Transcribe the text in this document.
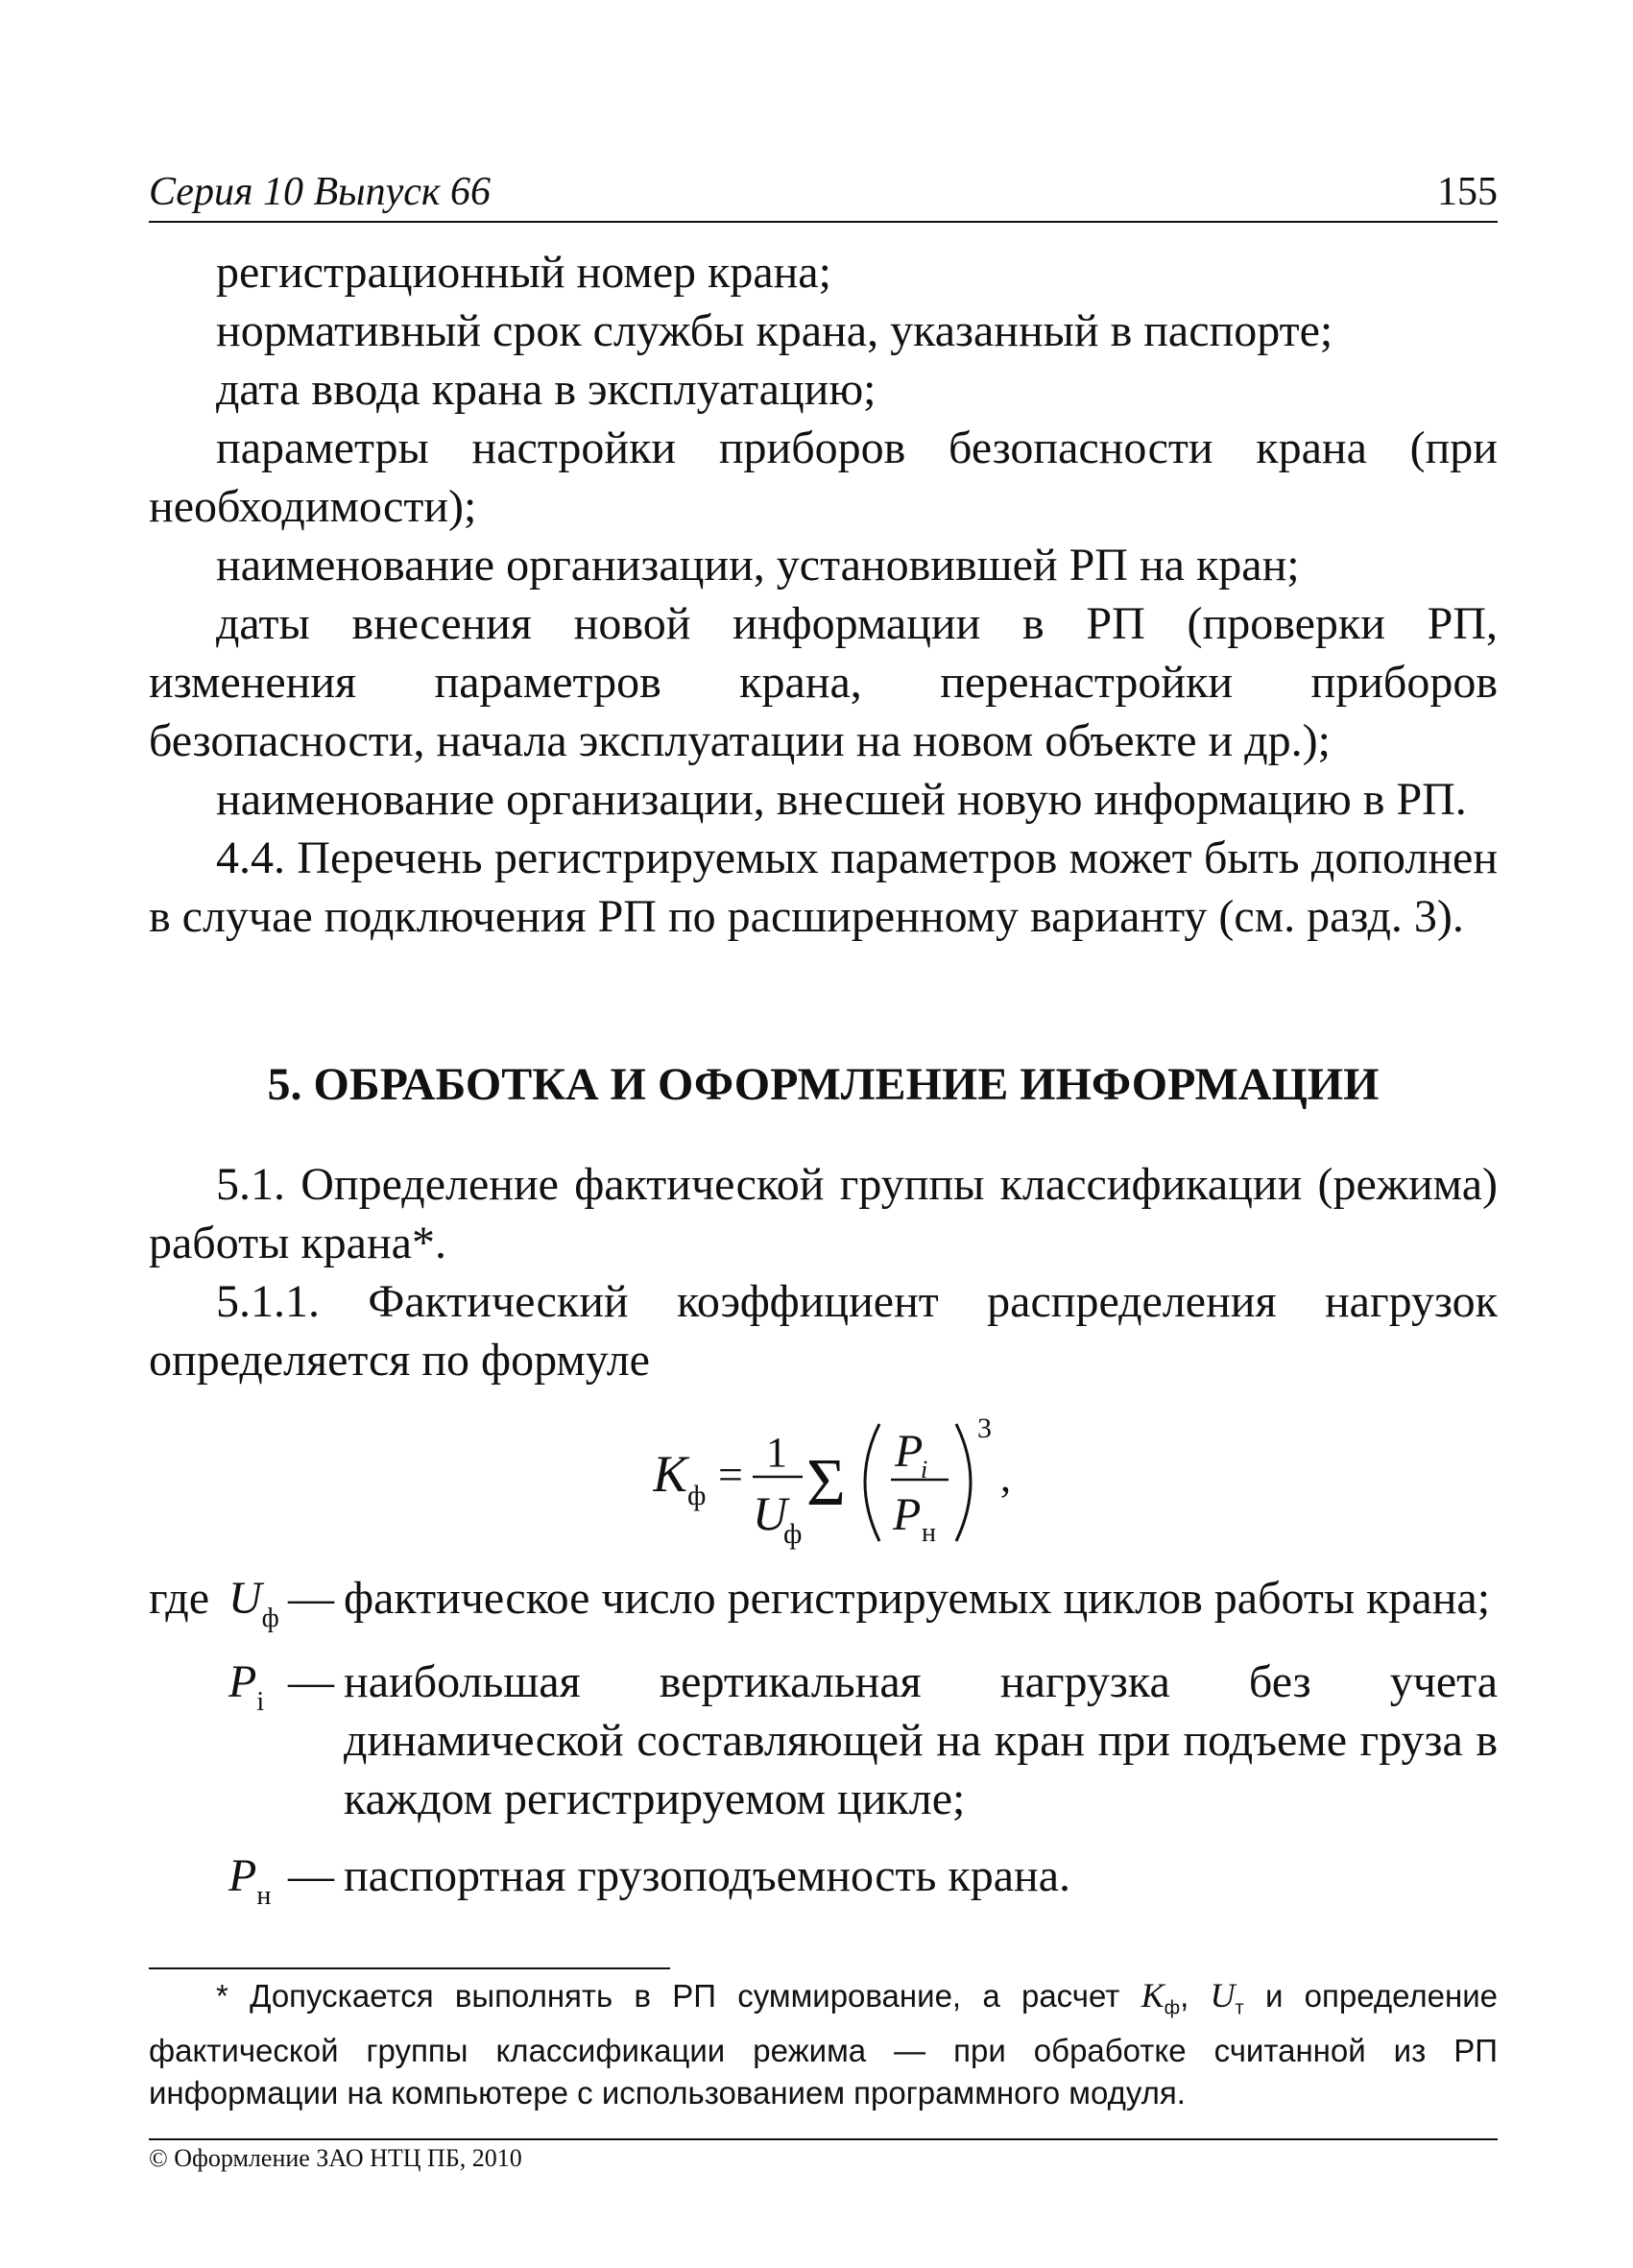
Серия 10 Выпуск 66	155

регистрационный номер крана;

нормативный срок службы крана, указанный в паспорте;

дата ввода крана в эксплуатацию;

параметры настройки приборов безопасности крана (при необходимости);

наименование организации, установившей РП на кран;

даты внесения новой информации в РП (проверки РП, изменения параметров крана, перенастройки приборов безопасности, начала эксплуатации на новом объекте и др.);

наименование организации, внесшей новую информацию в РП.

4.4. Перечень регистрируемых параметров может быть дополнен в случае подключения РП по расширенному варианту (см. разд. 3).

5. ОБРАБОТКА И ОФОРМЛЕНИЕ ИНФОРМАЦИИ

5.1. Определение фактической группы классификации (режима) работы крана*.

5.1.1. Фактический коэффициент распределения нагрузок определяется по формуле

K ф = 1
U
ф
Σ P
i
P н
3
,
где $U_ф$ — фактическое число регистрируемых циклов работы крана;
$P_i$ — наибольшая вертикальная нагрузка без учета динамической составляющей на кран при подъеме груза в каждом регистрируемом цикле;
$P_н$ — паспортная грузоподъемность крана.

* Допускается выполнять в РП суммирование, а расчет $K_ф$, $U_т$ и определение фактической группы классификации режима — при обработке считанной из РП информации на компьютере с использованием программного модуля.

© Оформление ЗАО НТЦ ПБ, 2010
